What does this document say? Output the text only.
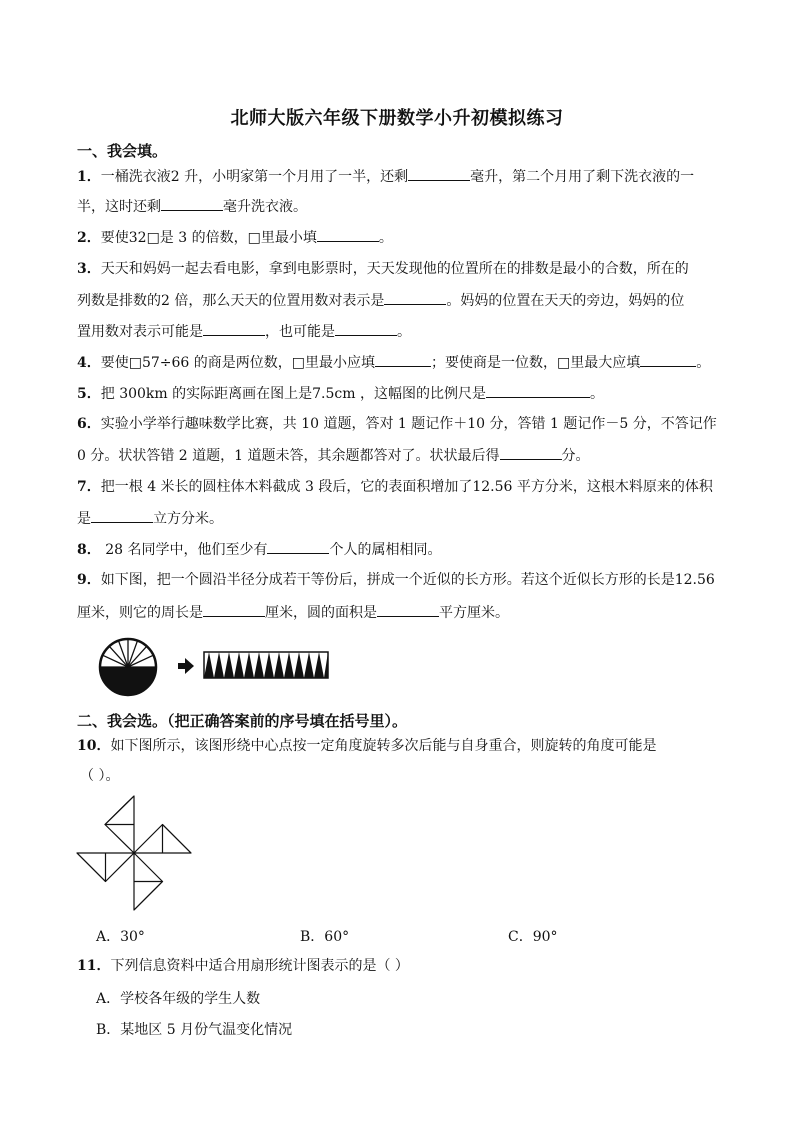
北师大版六年级下册数学小升初模拟练习
一、我会填。
1．一桶洗衣液2 升，小明家第一个月用了一半，还剩	毫升，第二个月用了剩下洗衣液的一
半，这时还剩	毫升洗衣液。
2．要使32□是 3 的倍数，□里最小填	。
3．天天和妈妈一起去看电影，拿到电影票时，天天发现他的位置所在的排数是最小的合数，所在的
列数是排数的2 倍，那么天天的位置用数对表示是	。妈妈的位置在天天的旁边，妈妈的位
置用数对表示可能是	，也可能是	。
4．要使□57÷66 的商是两位数，□里最小应填	；要使商是一位数，□里最大应填	。
5．把 300km 的实际距离画在图上是7.5cm ，这幅图的比例尺是	。
6．实验小学举行趣味数学比赛，共 10 道题，答对 1 题记作＋10 分，答错 1 题记作－5 分，不答记作
0 分。状状答错 2 道题，1 道题未答，其余题都答对了。状状最后得	分。
7．把一根 4 米长的圆柱体木料截成 3 段后，它的表面积增加了12.56 平方分米，这根木料原来的体积
是	立方分米。
8． 28 名同学中，他们至少有	个人的属相相同。
9．如下图，把一个圆沿半径分成若干等份后，拼成一个近似的长方形。若这个近似长方形的长是12.56
厘米，则它的周长是	厘米，圆的面积是	平方厘米。
二、我会选。（把正确答案前的序号填在括号里）。
10．如下图所示，该图形绕中心点按一定角度旋转多次后能与自身重合，则旋转的角度可能是
（ ）。
A．30°	B．60°	C．90°
11．下列信息资料中适合用扇形统计图表示的是（ ）
A．学校各年级的学生人数
B．某地区 5 月份气温变化情况
